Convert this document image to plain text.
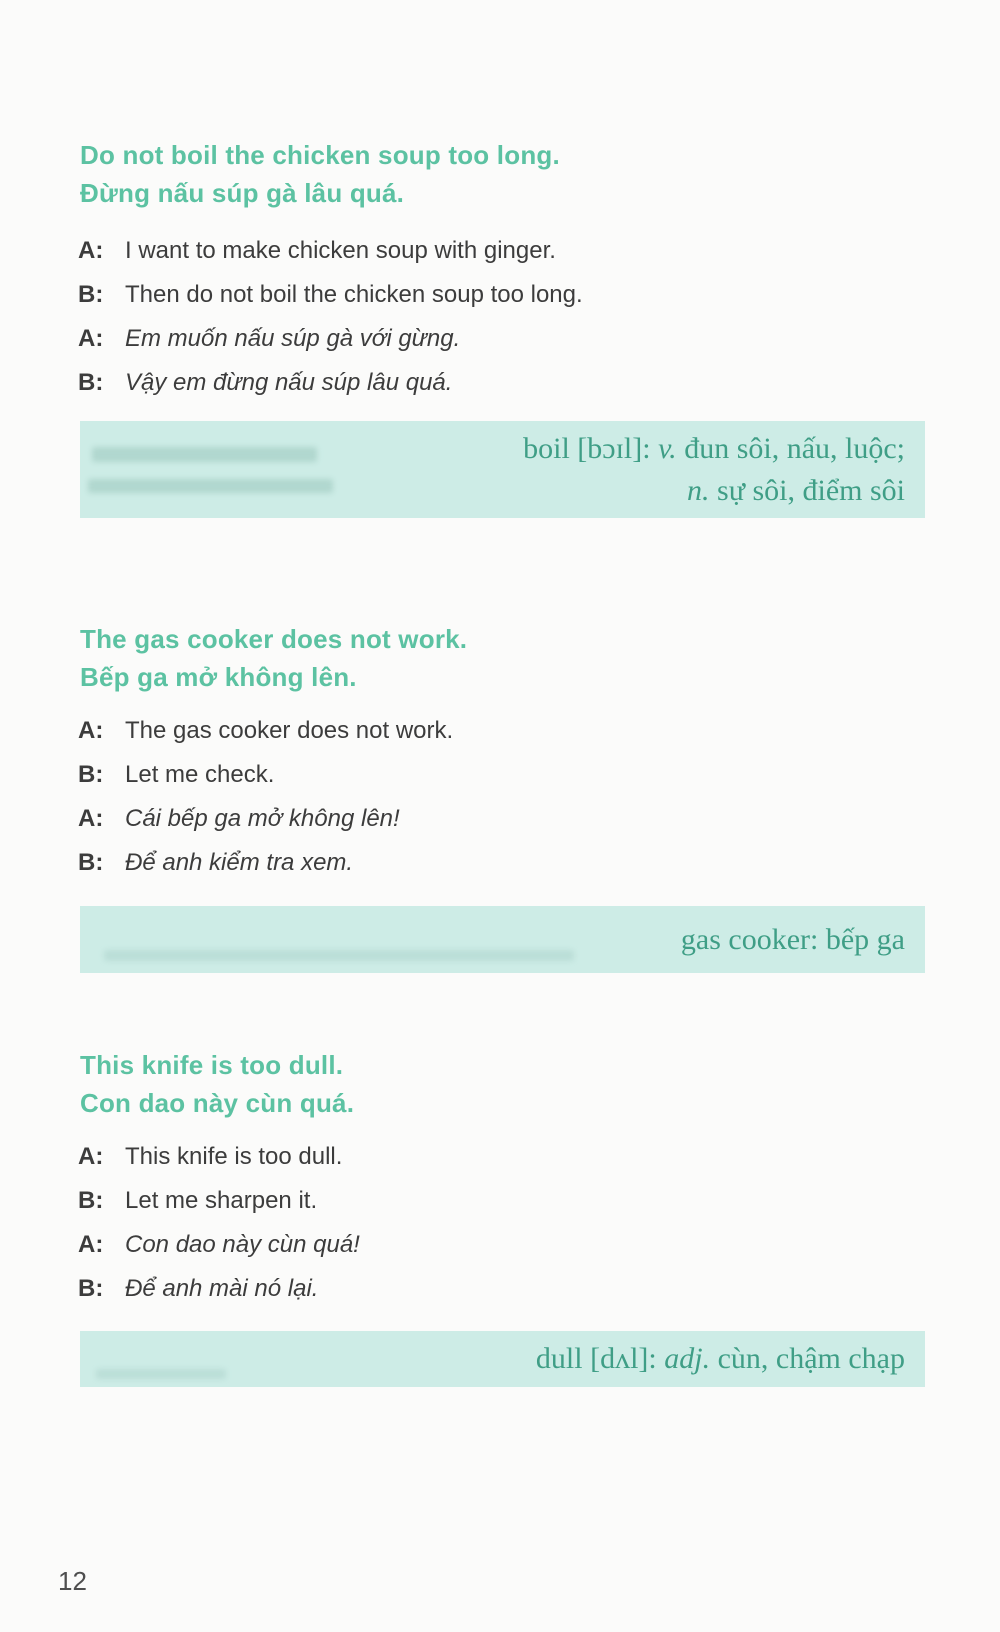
Do not boil the chicken soup too long.
Đừng nấu súp gà lâu quá.
A: I want to make chicken soup with ginger.
B: Then do not boil the chicken soup too long.
A: Em muốn nấu súp gà với gừng.
B: Vậy em đừng nấu súp lâu quá.
boil [bɔɪl]: v. đun sôi, nấu, luộc;
n. sự sôi, điểm sôi
The gas cooker does not work.
Bếp ga mở không lên.
A: The gas cooker does not work.
B: Let me check.
A: Cái bếp ga mở không lên!
B: Để anh kiểm tra xem.
gas cooker: bếp ga
This knife is too dull.
Con dao này cùn quá.
A: This knife is too dull.
B: Let me sharpen it.
A: Con dao này cùn quá!
B: Để anh mài nó lại.
dull [dʌl]: adj. cùn, chậm chạp
12
